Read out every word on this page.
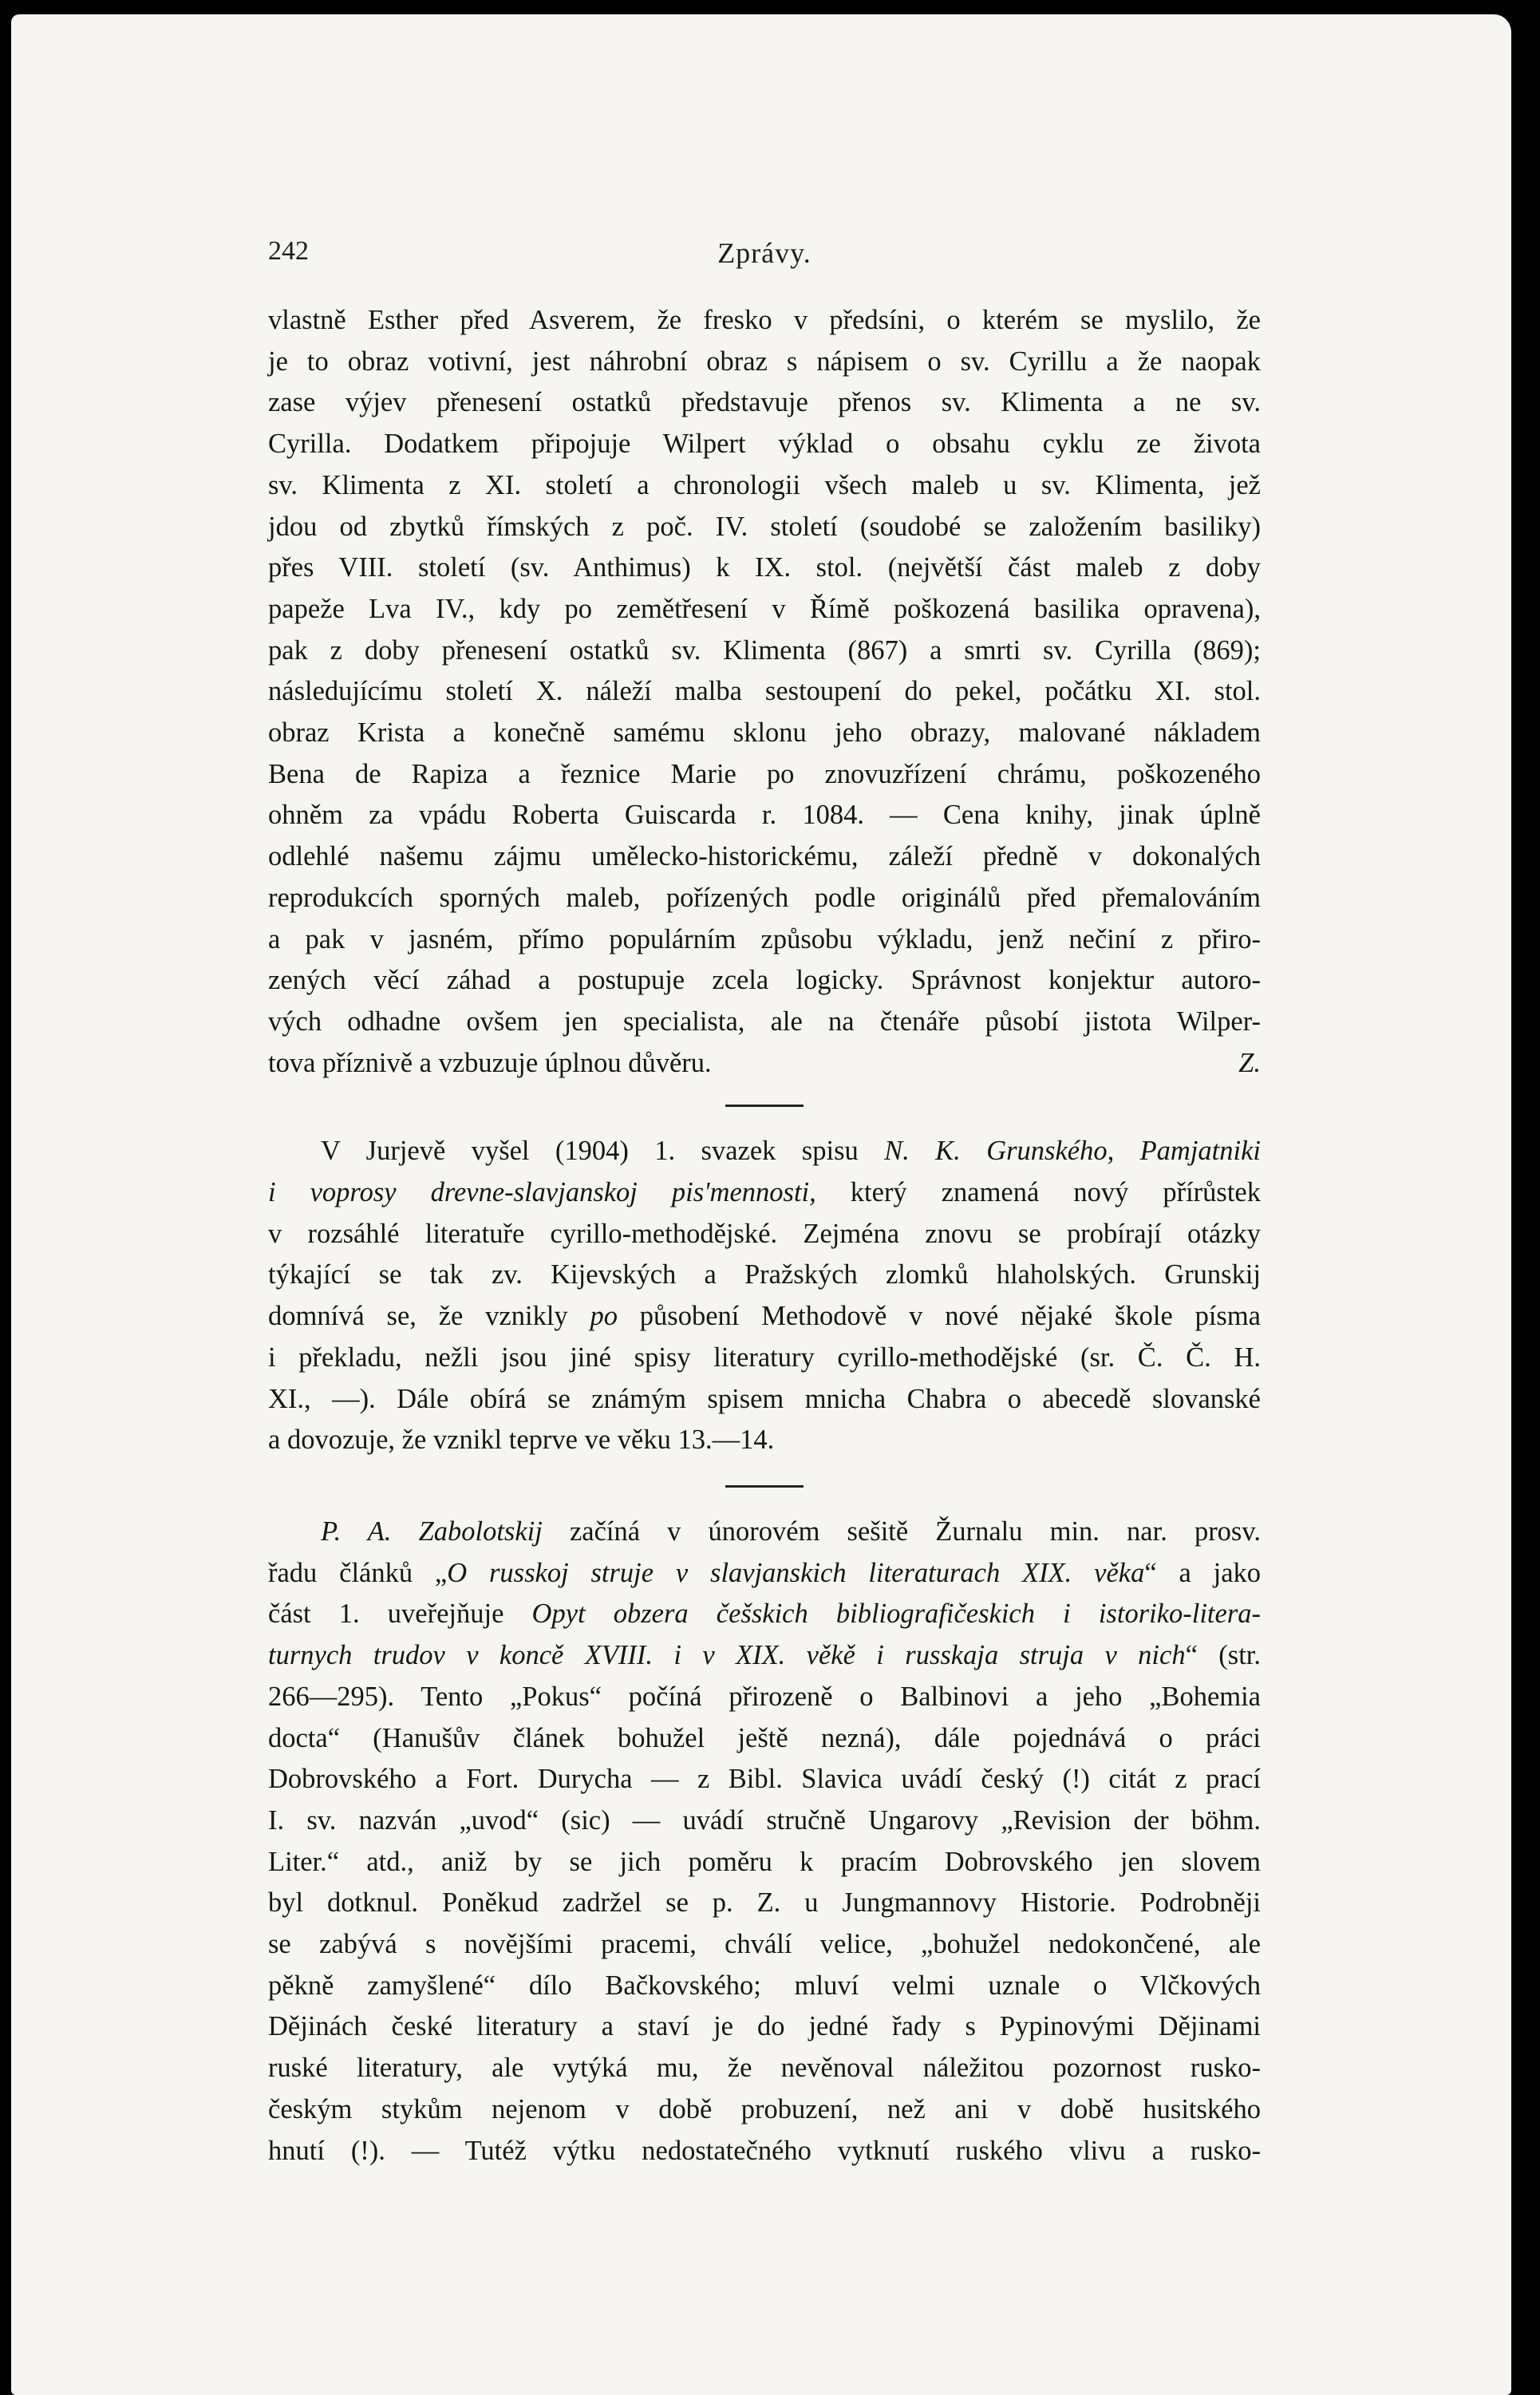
242	Zprávy.

vlastně Esther před Asverem, že fresko v předsíni, o kterém se myslilo, že
je to obraz votivní, jest náhrobní obraz s nápisem o sv. Cyrillu a že naopak
zase výjev přenesení ostatků představuje přenos sv. Klimenta a ne sv.
Cyrilla. Dodatkem připojuje Wilpert výklad o obsahu cyklu ze života
sv. Klimenta z XI. století a chronologii všech maleb u sv. Klimenta, jež
jdou od zbytků římských z poč. IV. století (soudobé se založením basiliky)
přes VIII. století (sv. Anthimus) k IX. stol. (největší část maleb z doby
papeže Lva IV., kdy po zemětřesení v Římě poškozená basilika opravena),
pak z doby přenesení ostatků sv. Klimenta (867) a smrti sv. Cyrilla (869);
následujícímu století X. náleží malba sestoupení do pekel, počátku XI. stol.
obraz Krista a konečně samému sklonu jeho obrazy, malované nákladem
Bena de Rapiza a řeznice Marie po znovuzřízení chrámu, poškozeného
ohněm za vpádu Roberta Guiscarda r. 1084. — Cena knihy, jinak úplně
odlehlé našemu zájmu umělecko-historickému, záleží předně v dokonalých
reprodukcích sporných maleb, pořízených podle originálů před přemalováním
a pak v jasném, přímo populárním způsobu výkladu, jenž nečiní z přiro-
zených věcí záhad a postupuje zcela logicky. Správnost konjektur autoro-
vých odhadne ovšem jen specialista, ale na čtenáře působí jistota Wilper-
tova příznivě a vzbuzuje úplnou důvěru.	Z.

V Jurjevě vyšel (1904) 1. svazek spisu N. K. Grunského, Pamjatniki
i voprosy drevne-slavjanskoj pis'mennosti, který znamená nový přírůstek
v rozsáhlé literatuře cyrillo-methodějské. Zejména znovu se probírají otázky
týkající se tak zv. Kijevských a Pražských zlomků hlaholských. Grunskij
domnívá se, že vznikly po působení Methodově v nové nějaké škole písma
i překladu, nežli jsou jiné spisy literatury cyrillo-methodějské (sr. Č. Č. H.
XI., —). Dále obírá se známým spisem mnicha Chabra o abecedě slovanské
a dovozuje, že vznikl teprve ve věku 13.—14.

P. A. Zabolotskij začíná v únorovém sešitě Žurnalu min. nar. prosv.
řadu článků „O russkoj struje v slavjanskich literaturach XIX. věka“ a jako
část 1. uveřejňuje Opyt obzera češskich bibliografičeskich i istoriko-litera-
turnych trudov v koncě XVIII. i v XIX. věkě i russkaja struja v nich“ (str.
266—295). Tento „Pokus“ počíná přirozeně o Balbinovi a jeho „Bohemia
docta“ (Hanušův článek bohužel ještě nezná), dále pojednává o práci
Dobrovského a Fort. Durycha — z Bibl. Slavica uvádí český (!) citát z prací
I. sv. nazván „uvod“ (sic) — uvádí stručně Ungarovy „Revision der böhm.
Liter.“ atd., aniž by se jich poměru k pracím Dobrovského jen slovem
byl dotknul. Poněkud zadržel se p. Z. u Jungmannovy Historie. Podrobněji
se zabývá s novějšími pracemi, chválí velice, „bohužel nedokončené, ale
pěkně zamyšlené“ dílo Bačkovského; mluví velmi uznale o Vlčkových
Dějinách české literatury a staví je do jedné řady s Pypinovými Dějinami
ruské literatury, ale vytýká mu, že nevěnoval náležitou pozornost rusko-
českým stykům nejenom v době probuzení, než ani v době husitského
hnutí (!). — Tutéž výtku nedostatečného vytknutí ruského vlivu a rusko-
